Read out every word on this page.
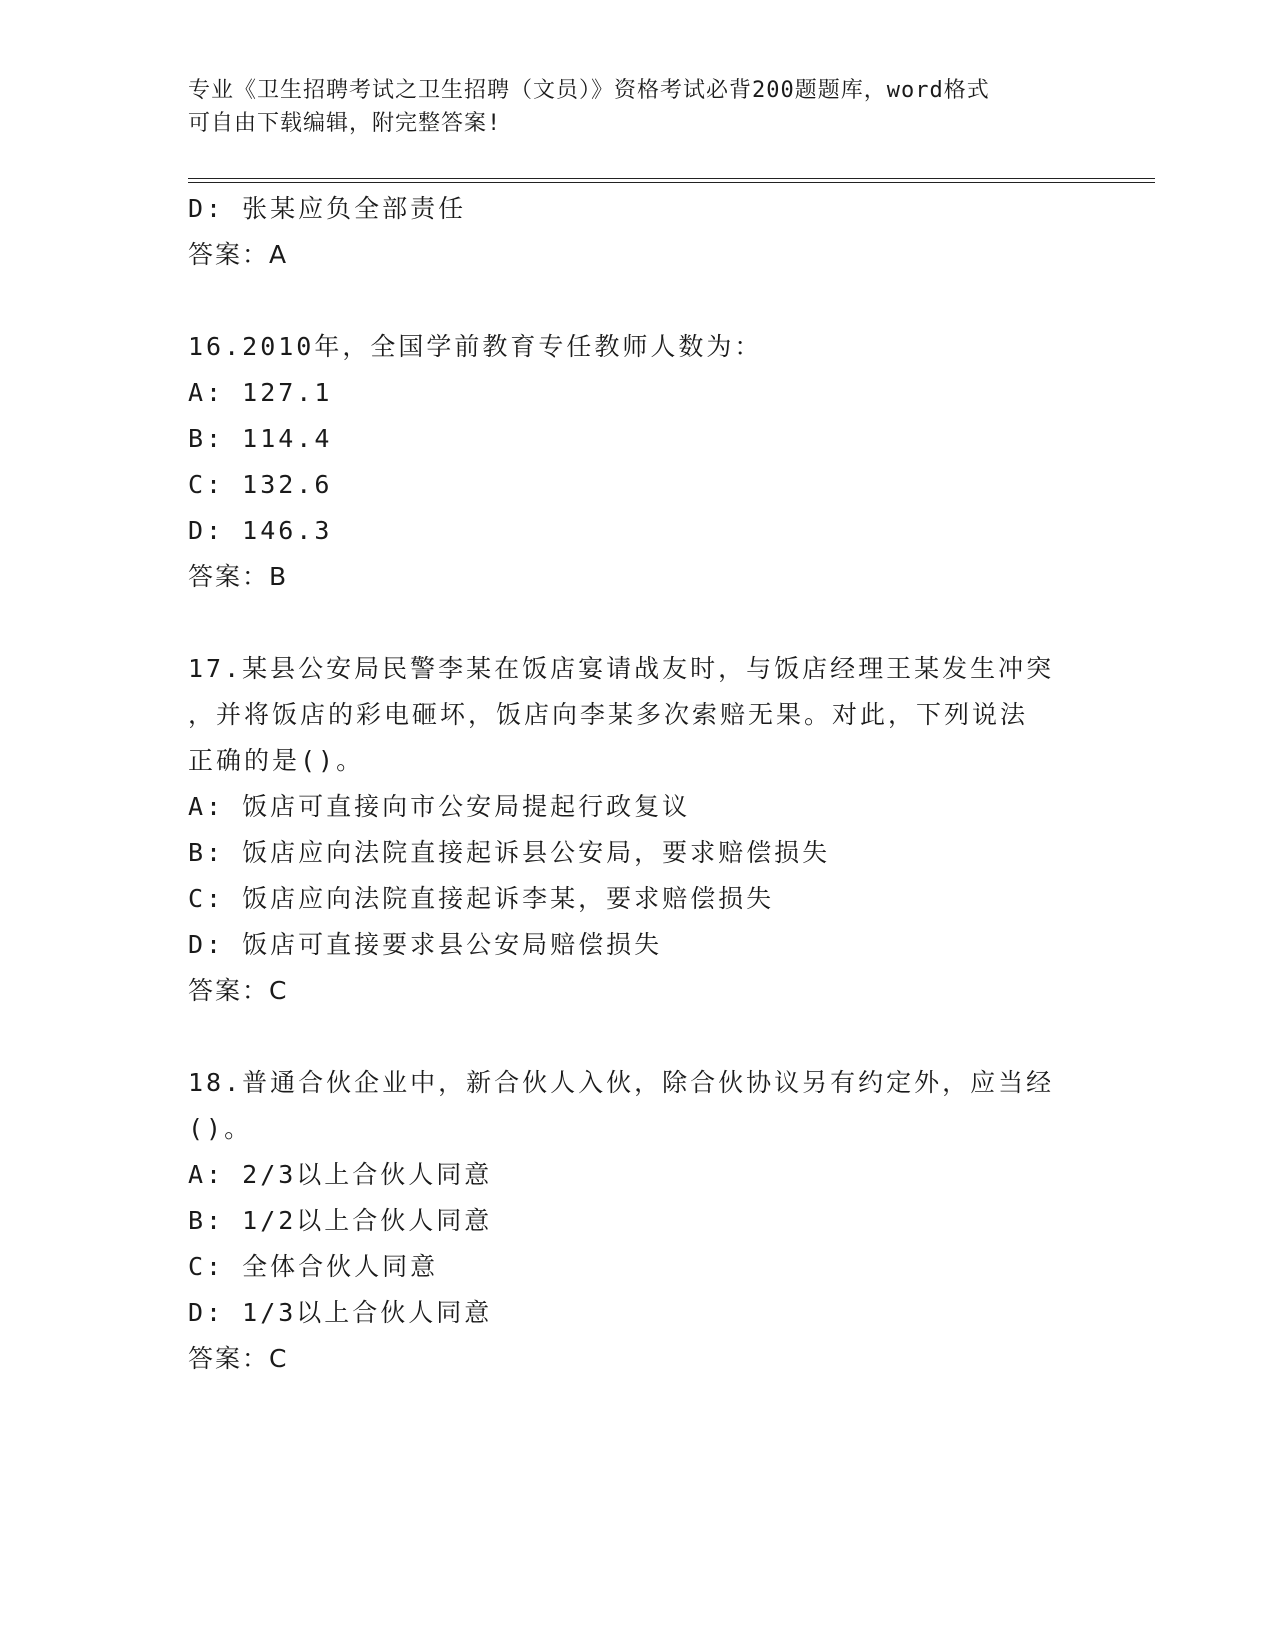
专业《卫生招聘考试之卫生招聘（文员）》资格考试必背200题题库，word格式
可自由下载编辑，附完整答案!
D: 张某应负全部责任
答案：A
16.2010年，全国学前教育专任教师人数为：
A: 127.1
B: 114.4
C: 132.6
D: 146.3
答案：B
17.某县公安局民警李某在饭店宴请战友时，与饭店经理王某发生冲突
，并将饭店的彩电砸坏，饭店向李某多次索赔无果。对此，下列说法
正确的是()。
A: 饭店可直接向市公安局提起行政复议
B: 饭店应向法院直接起诉县公安局，要求赔偿损失
C: 饭店应向法院直接起诉李某，要求赔偿损失
D: 饭店可直接要求县公安局赔偿损失
答案：C
18.普通合伙企业中，新合伙人入伙，除合伙协议另有约定外，应当经
()。
A: 2/3以上合伙人同意
B: 1/2以上合伙人同意
C: 全体合伙人同意
D: 1/3以上合伙人同意
答案：C
